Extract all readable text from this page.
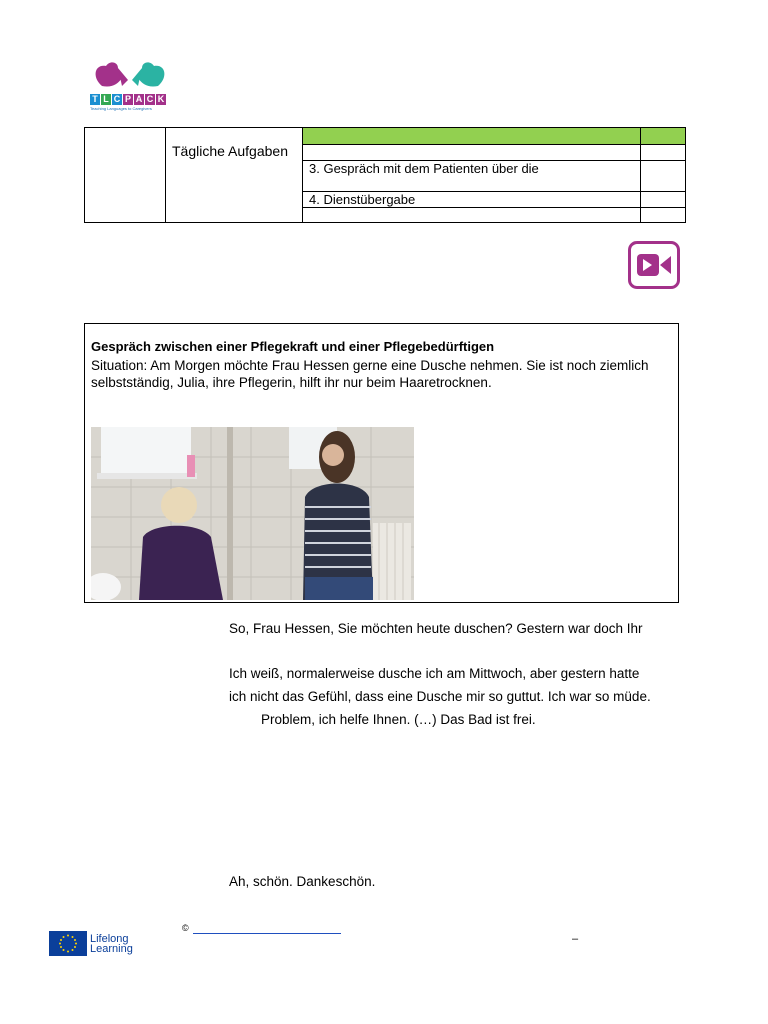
T L C P A C K
Teaching Languages to Caregivers
Tägliche Aufgaben
3. Gespräch mit dem Patienten über die
4. Dienstübergabe
Gespräch zwischen einer Pflegekraft und einer Pflegebedürftigen
Situation: Am Morgen möchte Frau Hessen gerne eine Dusche nehmen. Sie ist noch ziemlich selbstständig, Julia, ihre Pflegerin, hilft ihr nur beim Haaretrocknen.
So, Frau Hessen, Sie möchten heute duschen? Gestern war doch Ihr
Ich weiß, normalerweise dusche ich am Mittwoch, aber gestern hatte
ich nicht das Gefühl, dass eine Dusche mir so guttut. Ich war so müde.
Problem, ich helfe Ihnen. (…) Das Bad ist frei.
Ah, schön. Dankeschön.
Lifelong
Learning
©
–
